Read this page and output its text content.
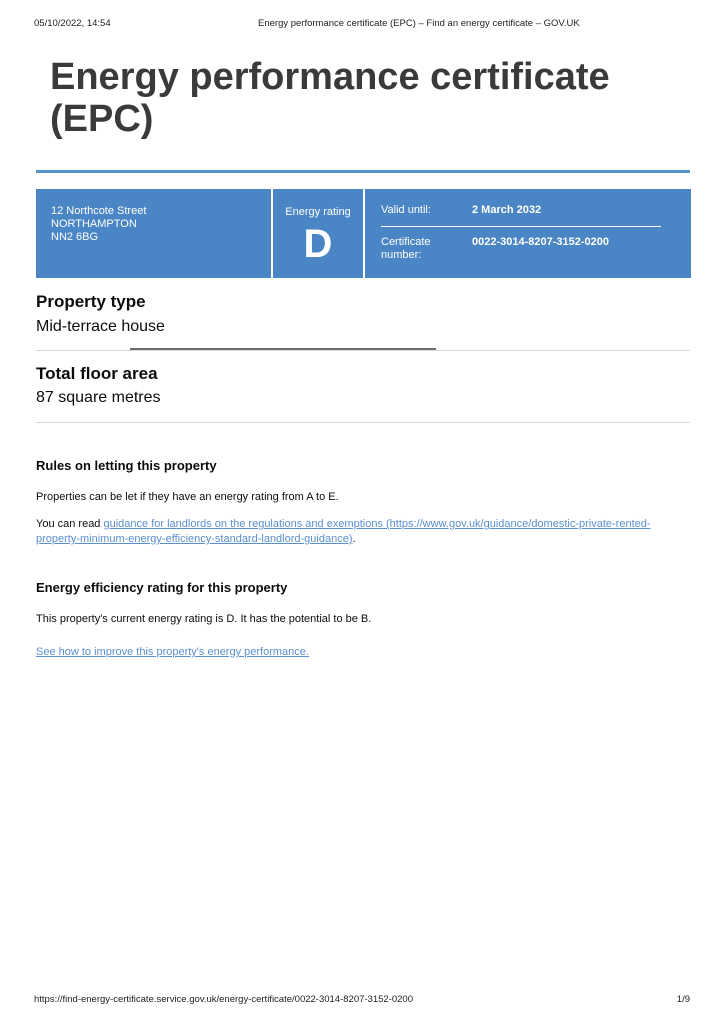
05/10/2022, 14:54	Energy performance certificate (EPC) – Find an energy certificate – GOV.UK
Energy performance certificate (EPC)
12 Northcote Street
NORTHAMPTON
NN2 6BG
Energy rating
D
Valid until:	2 March 2032
Certificate number:
0022-3014-8207-3152-0200
Property type
Mid-terrace house
Total floor area
87 square metres
Rules on letting this property
Properties can be let if they have an energy rating from A to E.
You can read guidance for landlords on the regulations and exemptions (https://www.gov.uk/guidance/domestic-private-rented-property-minimum-energy-efficiency-standard-landlord-guidance).
Energy efficiency rating for this property
This property's current energy rating is D. It has the potential to be B.
See how to improve this property's energy performance.
https://find-energy-certificate.service.gov.uk/energy-certificate/0022-3014-8207-3152-0200	1/9
